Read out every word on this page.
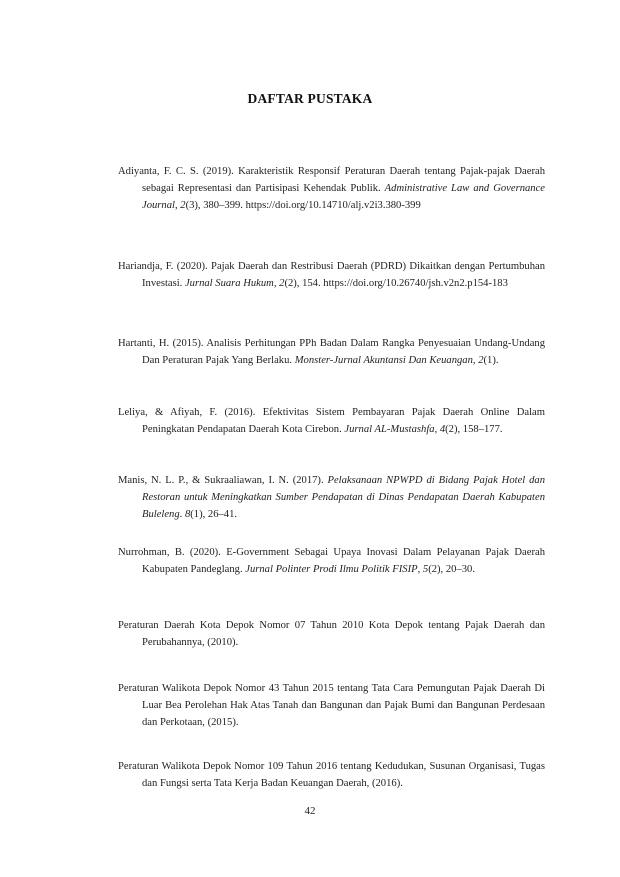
DAFTAR PUSTAKA
Adiyanta, F. C. S. (2019). Karakteristik Responsif Peraturan Daerah tentang Pajak-pajak Daerah sebagai Representasi dan Partisipasi Kehendak Publik. Administrative Law and Governance Journal, 2(3), 380–399. https://doi.org/10.14710/alj.v2i3.380-399
Hariandja, F. (2020). Pajak Daerah dan Restribusi Daerah (PDRD) Dikaitkan dengan Pertumbuhan Investasi. Jurnal Suara Hukum, 2(2), 154. https://doi.org/10.26740/jsh.v2n2.p154-183
Hartanti, H. (2015). Analisis Perhitungan PPh Badan Dalam Rangka Penyesuaian Undang-Undang Dan Peraturan Pajak Yang Berlaku. Monster-Jurnal Akuntansi Dan Keuangan, 2(1).
Leliya, & Afiyah, F. (2016). Efektivitas Sistem Pembayaran Pajak Daerah Online Dalam Peningkatan Pendapatan Daerah Kota Cirebon. Jurnal AL-Mustashfa, 4(2), 158–177.
Manis, N. L. P., & Sukraaliawan, I. N. (2017). Pelaksanaan NPWPD di Bidang Pajak Hotel dan Restoran untuk Meningkatkan Sumber Pendapatan di Dinas Pendapatan Daerah Kabupaten Buleleng. 8(1), 26–41.
Nurrohman, B. (2020). E-Government Sebagai Upaya Inovasi Dalam Pelayanan Pajak Daerah Kabupaten Pandeglang. Jurnal Polinter Prodi Ilmu Politik FISIP, 5(2), 20–30.
Peraturan Daerah Kota Depok Nomor 07 Tahun 2010 Kota Depok tentang Pajak Daerah dan Perubahannya, (2010).
Peraturan Walikota Depok Nomor 43 Tahun 2015 tentang Tata Cara Pemungutan Pajak Daerah Di Luar Bea Perolehan Hak Atas Tanah dan Bangunan dan Pajak Bumi dan Bangunan Perdesaan dan Perkotaan, (2015).
Peraturan Walikota Depok Nomor 109 Tahun 2016 tentang Kedudukan, Susunan Organisasi, Tugas dan Fungsi serta Tata Kerja Badan Keuangan Daerah, (2016).
42
